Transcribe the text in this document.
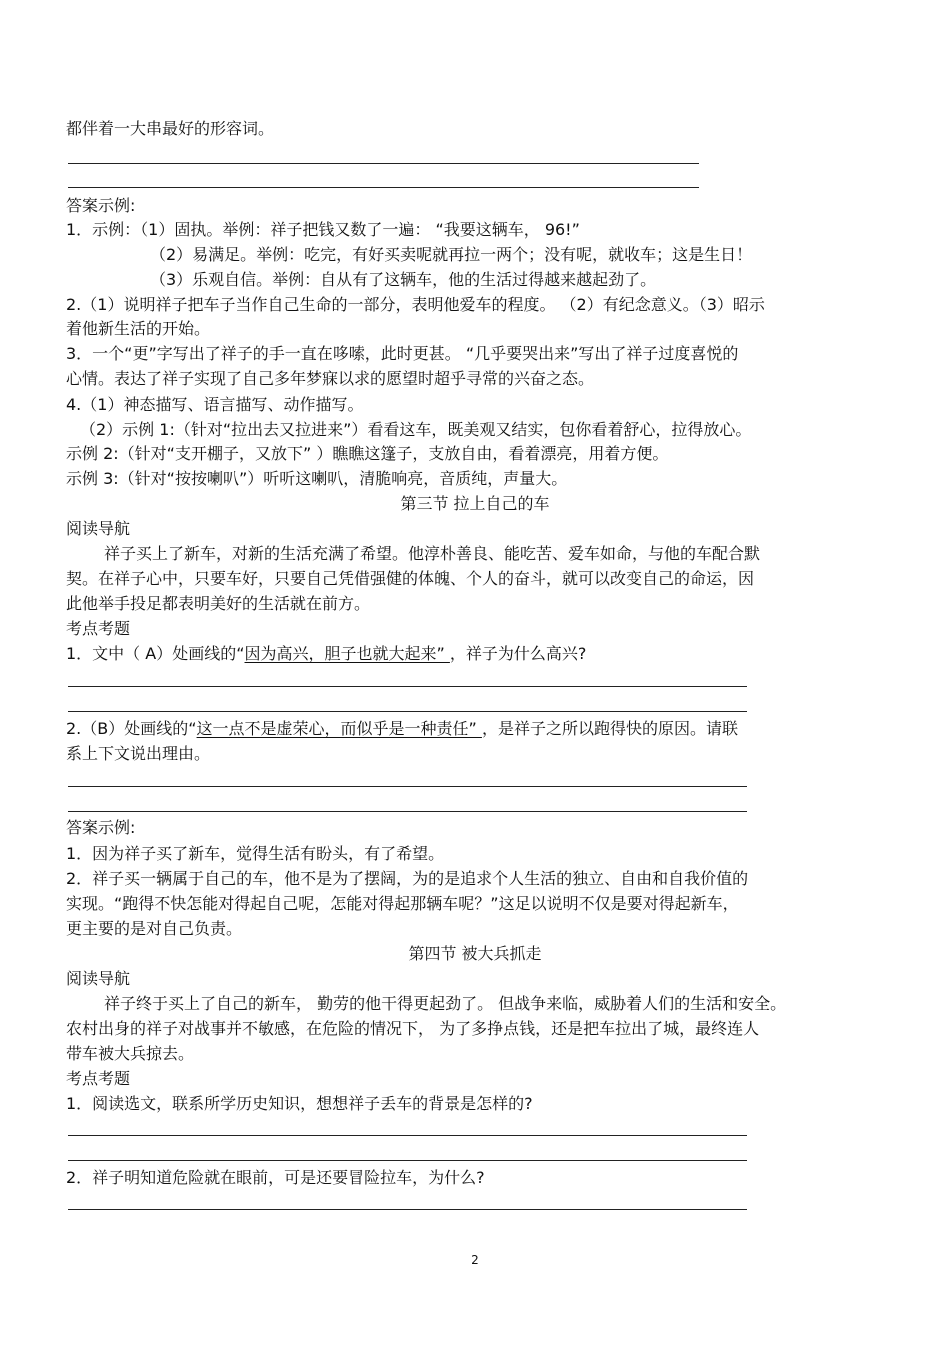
都伴着一大串最好的形容词。
答案示例:
1．示例：（1）固执。举例：祥子把钱又数了一遍： “我要这辆车， 96!”
（2）易满足。举例：吃完，有好买卖呢就再拉一两个；没有呢，就收车；这是生日！
（3）乐观自信。举例：自从有了这辆车，他的生活过得越来越起劲了。
2.（1）说明祥子把车子当作自己生命的一部分，表明他爱车的程度。 （2）有纪念意义。（3）昭示
着他新生活的开始。
3．一个“更”字写出了祥子的手一直在哆嗦，此时更甚。 “几乎要哭出来”写出了祥子过度喜悦的
心情。表达了祥子实现了自己多年梦寐以求的愿望时超乎寻常的兴奋之态。
4.（1）神态描写、语言描写、动作描写。
（2）示例 1:（针对“拉出去又拉进来”）看看这车，既美观又结实，包你看着舒心，拉得放心。
示例 2:（针对“支开棚子，又放下” ）瞧瞧这篷子，支放自由，看着漂亮，用着方便。
示例 3:（针对“按按喇叭”）听听这喇叭，清脆响亮，音质纯，声量大。
第三节 拉上自己的车
阅读导航
祥子买上了新车，对新的生活充满了希望。他淳朴善良、能吃苦、爱车如命，与他的车配合默
契。在祥子心中，只要车好，只要自己凭借强健的体魄、个人的奋斗，就可以改变自己的命运，因
此他举手投足都表明美好的生活就在前方。
考点考题
1．文中（ A）处画线的“因为高兴，胆子也就大起来” ，祥子为什么高兴?
2.（B）处画线的“这一点不是虚荣心，而似乎是一种责任” ，是祥子之所以跑得快的原因。请联
系上下文说出理由。
答案示例:
1．因为祥子买了新车，觉得生活有盼头，有了希望。
2．祥子买一辆属于自己的车，他不是为了摆阔，为的是追求个人生活的独立、自由和自我价值的
实现。“跑得不快怎能对得起自己呢，怎能对得起那辆车呢？”这足以说明不仅是要对得起新车，
更主要的是对自己负责。
第四节 被大兵抓走
阅读导航
祥子终于买上了自己的新车， 勤劳的他干得更起劲了。 但战争来临，威胁着人们的生活和安全。
农村出身的祥子对战事并不敏感，在危险的情况下， 为了多挣点钱，还是把车拉出了城，最终连人
带车被大兵掠去。
考点考题
1．阅读选文，联系所学历史知识，想想祥子丢车的背景是怎样的?
2．祥子明知道危险就在眼前，可是还要冒险拉车，为什么?
2
